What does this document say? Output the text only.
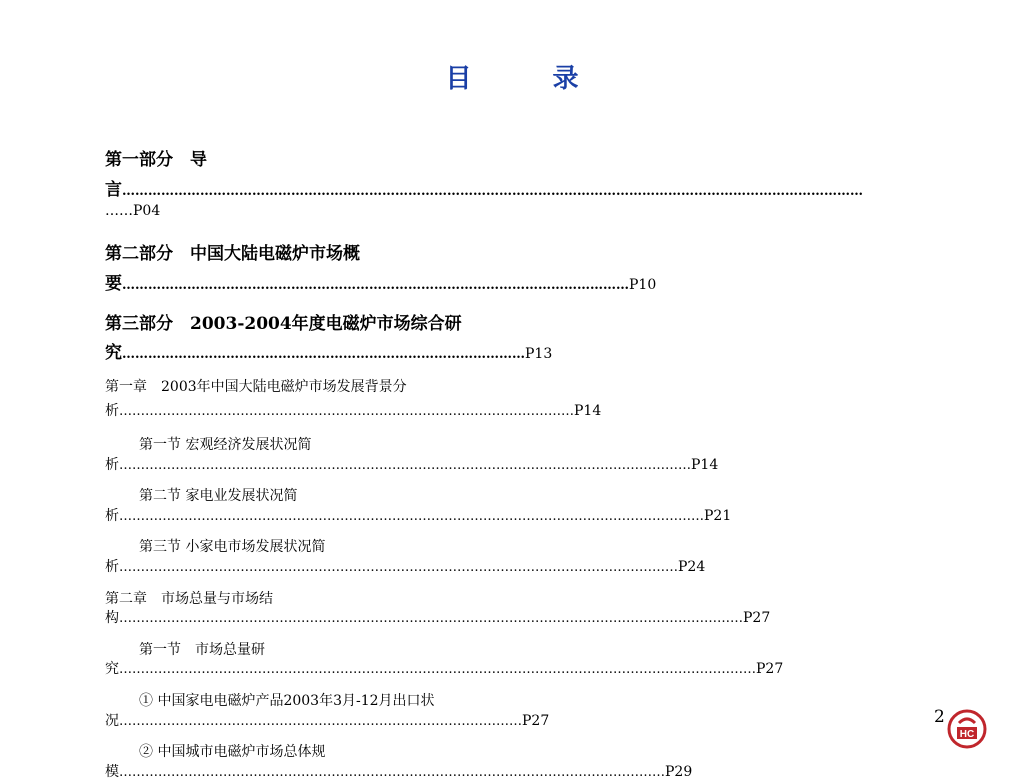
目 录
第一部分　导
言………………………………………………………………………………………………………………………………………………………
……P04
第二部分　中国大陆电磁炉市场概
要………………………………………………………………………………………………………P10
第三部分　2003-2004年度电磁炉市场综合研
究…………………………………………………………………………………P13
第一章　2003年中国大陆电磁炉市场发展背景分
析……………………………………………………………………………………………P14
第一节 宏观经济发展状况简
析……………………………………………………………………………………………………………………P14
第二节 家电业发展状况简
析………………………………………………………………………………………………………………………P21
第三节 小家电市场发展状况简
析…………………………………………………………………………………………………………………P24
第二章　市场总量与市场结
构………………………………………………………………………………………………………………………………P27
第一节　市场总量研
究…………………………………………………………………………………………………………………………………P27
① 中国家电电磁炉产品2003年3月-12月出口状
况…………………………………………………………………………………P27
② 中国城市电磁炉市场总体规
模………………………………………………………………………………………………………………P29
2
HC
